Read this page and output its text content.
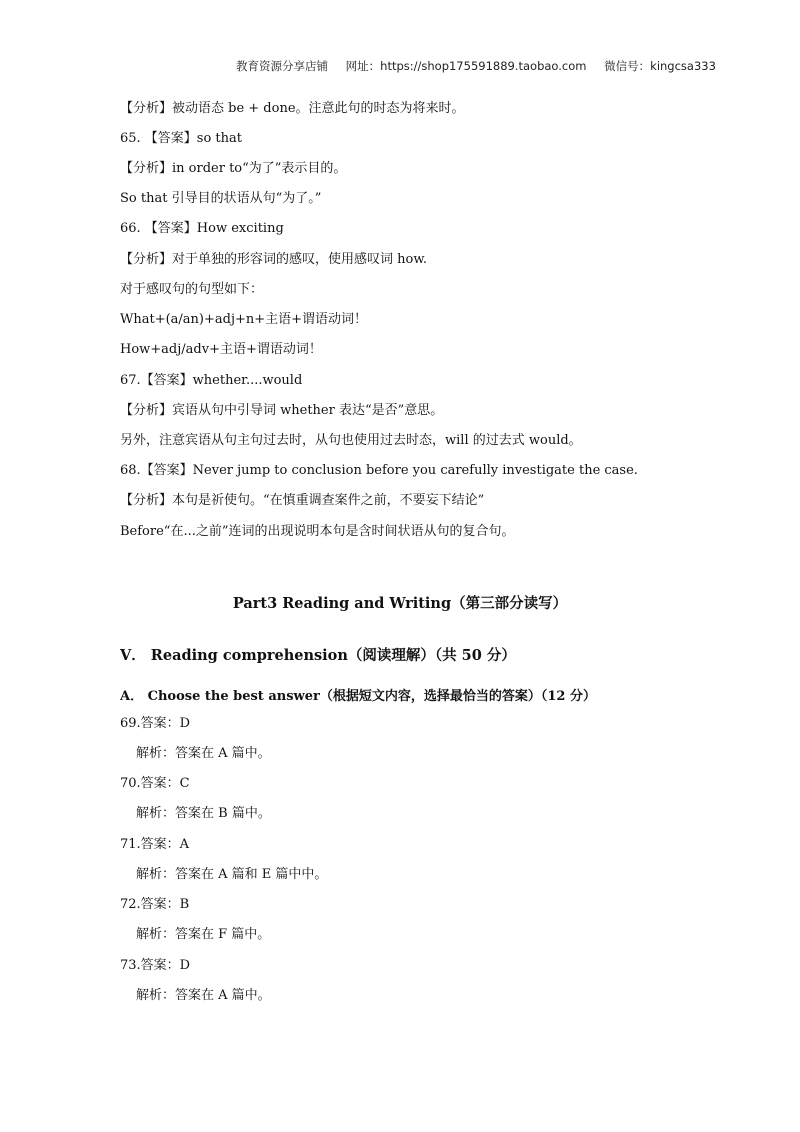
教育资源分享店铺 网址：https://shop175591889.taobao.com 微信号：kingcsa333
【分析】被动语态 be + done。注意此句的时态为将来时。
65. 【答案】so that
【分析】in order to“为了”表示目的。
So that 引导目的状语从句“为了。”
66. 【答案】How exciting
【分析】对于单独的形容词的感叹，使用感叹词 how.
对于感叹句的句型如下：
What+(a/an)+adj+n+主语+谓语动词！
How+adj/adv+主语+谓语动词！
67.【答案】whether....would
【分析】宾语从句中引导词 whether 表达“是否”意思。
另外，注意宾语从句主句过去时，从句也使用过去时态，will 的过去式 would。
68.【答案】Never jump to conclusion before you carefully investigate the case.
【分析】本句是祈使句。“在慎重调查案件之前，不要妄下结论”
Before“在...之前”连词的出现说明本句是含时间状语从句的复合句。
Part3 Reading and Writing（第三部分读写）
V． Reading comprehension（阅读理解）（共 50 分）
A． Choose the best answer（根据短文内容，选择最恰当的答案）（12 分）
69.答案：D
解析：答案在 A 篇中。
70.答案：C
解析：答案在 B 篇中。
71.答案：A
解析：答案在 A 篇和 E 篇中中。
72.答案：B
解析：答案在 F 篇中。
73.答案：D
解析：答案在 A 篇中。
